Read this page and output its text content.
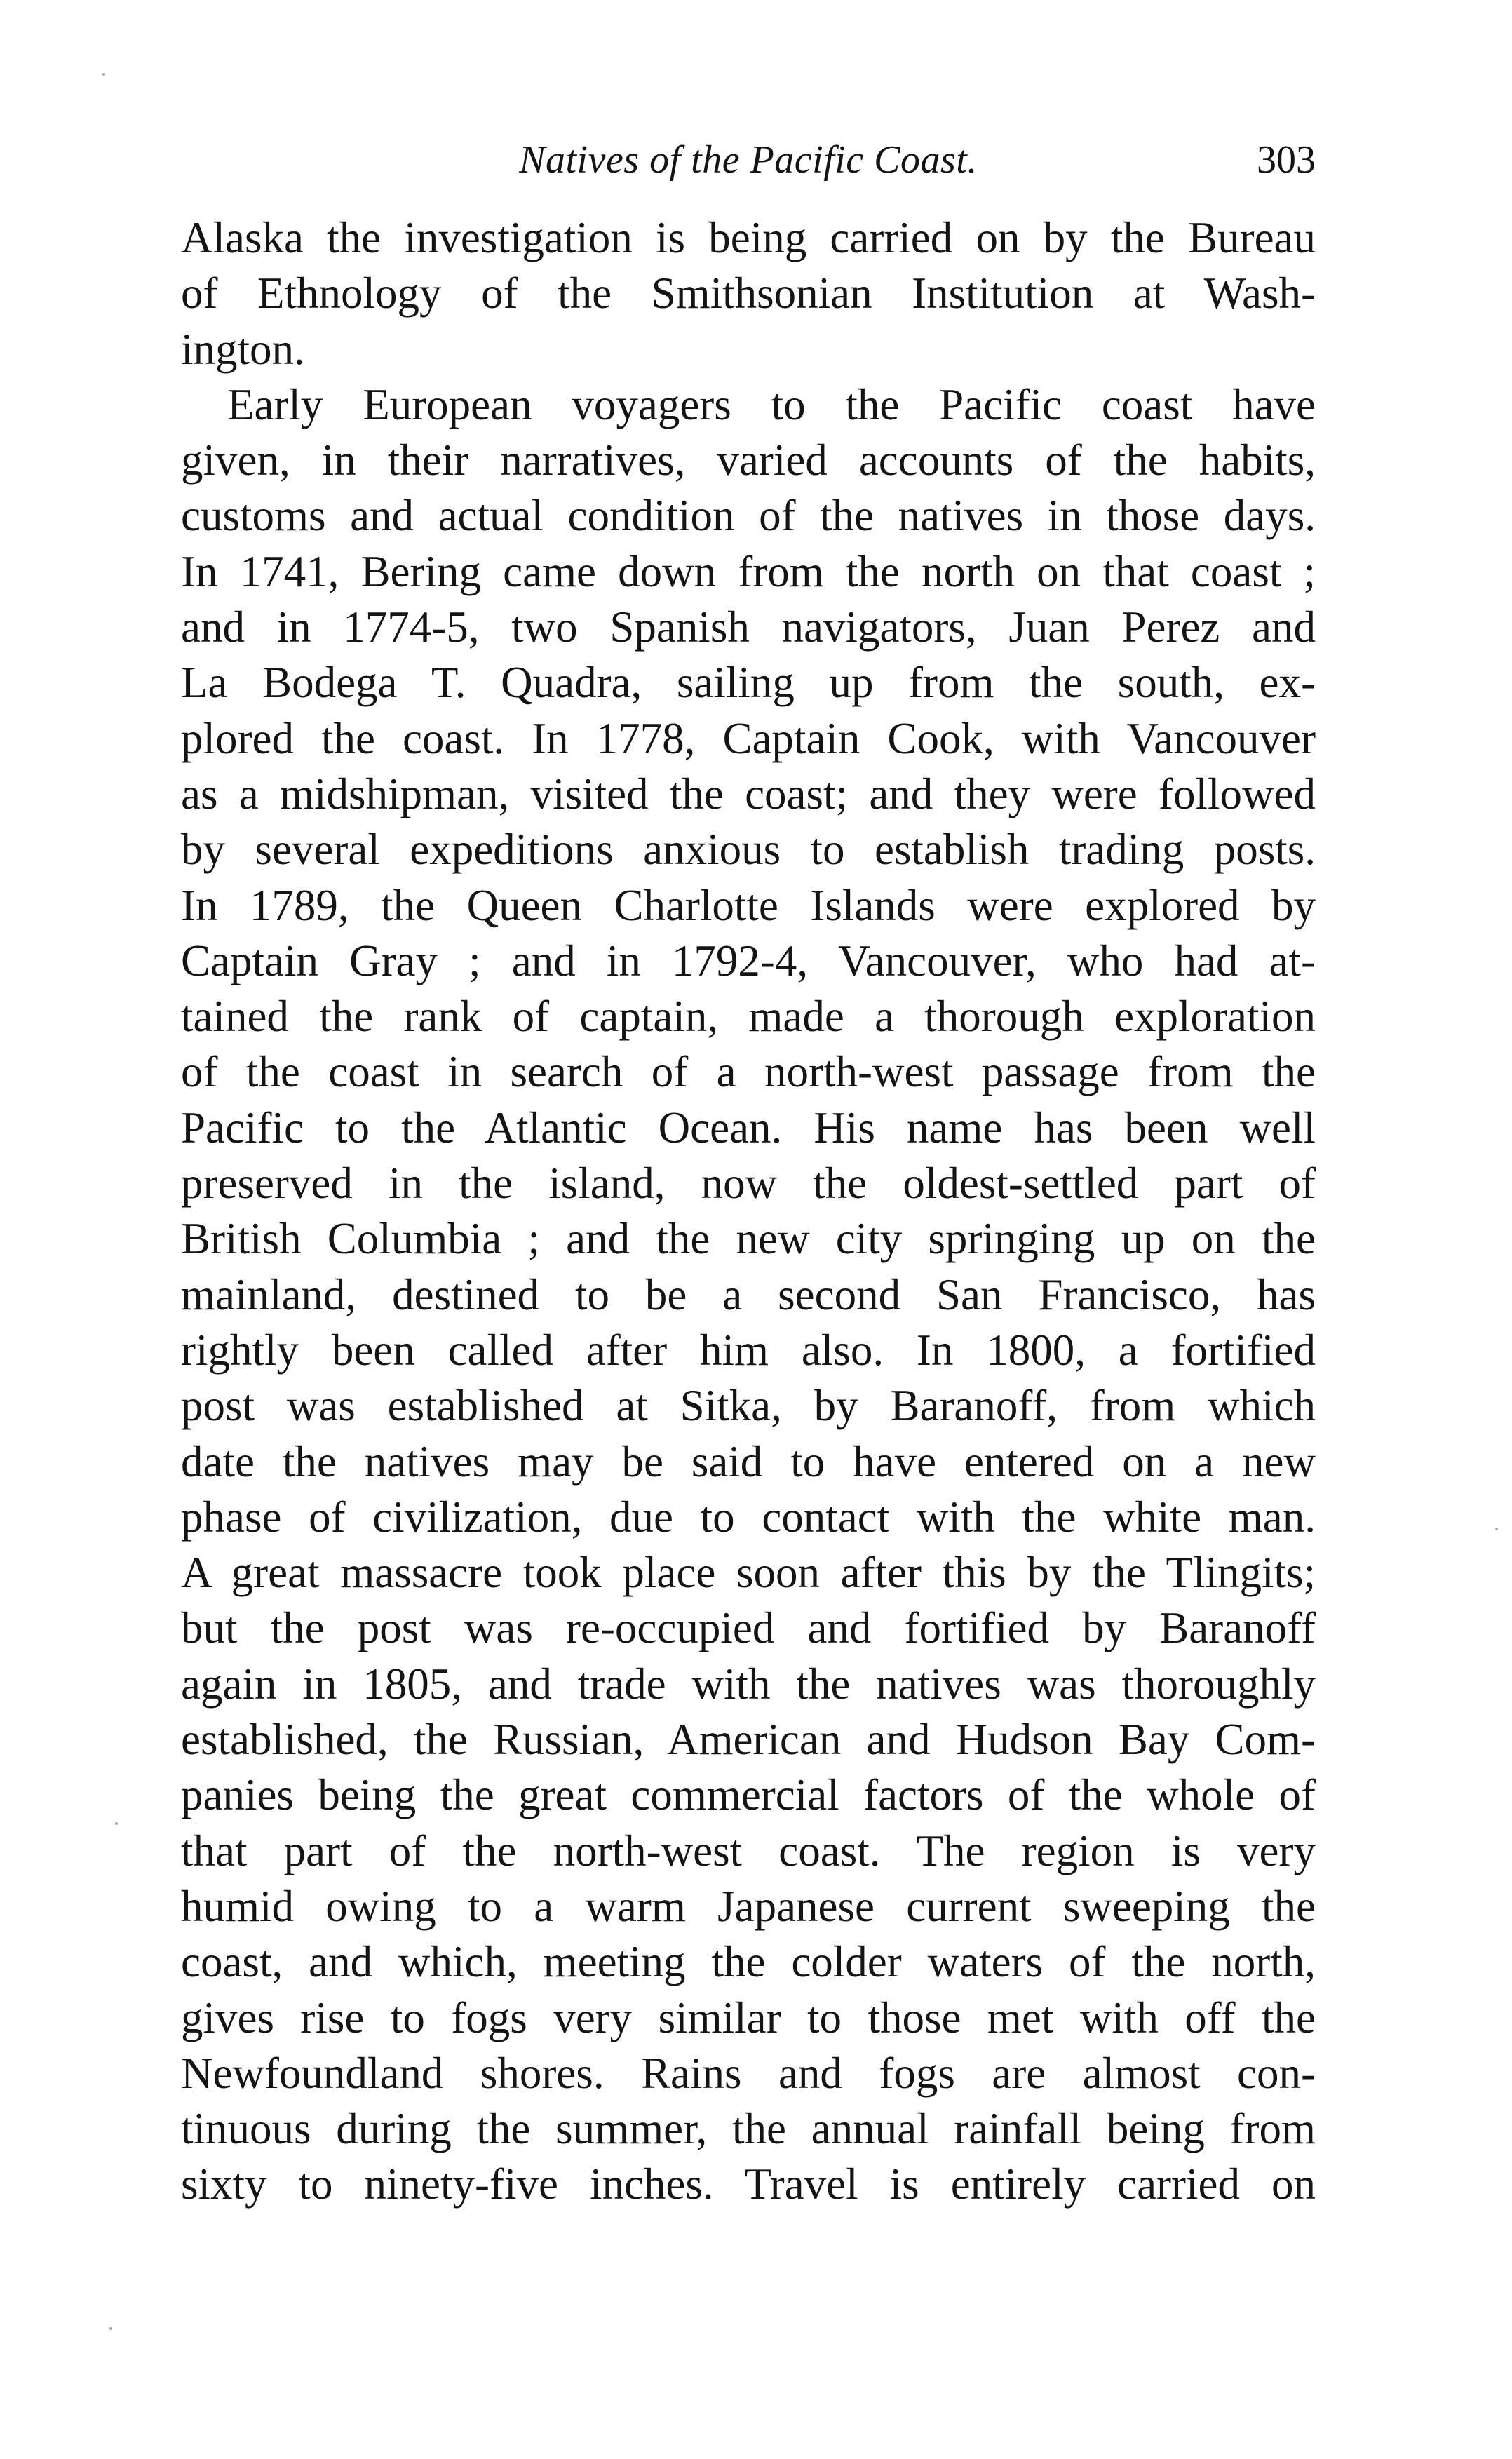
Natives of the Pacific Coast.	303
Alaska the investigation is being carried on by the Bureau
of Ethnology of the Smithsonian Institution at Wash-
ington.
Early European voyagers to the Pacific coast have
given, in their narratives, varied accounts of the habits,
customs and actual condition of the natives in those days.
In 1741, Bering came down from the north on that coast ;
and in 1774-5, two Spanish navigators, Juan Perez and
La Bodega T. Quadra, sailing up from the south, ex-
plored the coast. In 1778, Captain Cook, with Vancouver
as a midshipman, visited the coast; and they were followed
by several expeditions anxious to establish trading posts.
In 1789, the Queen Charlotte Islands were explored by
Captain Gray ; and in 1792-4, Vancouver, who had at-
tained the rank of captain, made a thorough exploration
of the coast in search of a north-west passage from the
Pacific to the Atlantic Ocean. His name has been well
preserved in the island, now the oldest-settled part of
British Columbia ; and the new city springing up on the
mainland, destined to be a second San Francisco, has
rightly been called after him also. In 1800, a fortified
post was established at Sitka, by Baranoff, from which
date the natives may be said to have entered on a new
phase of civilization, due to contact with the white man.
A great massacre took place soon after this by the Tlingits;
but the post was re-occupied and fortified by Baranoff
again in 1805, and trade with the natives was thoroughly
established, the Russian, American and Hudson Bay Com-
panies being the great commercial factors of the whole of
that part of the north-west coast. The region is very
humid owing to a warm Japanese current sweeping the
coast, and which, meeting the colder waters of the north,
gives rise to fogs very similar to those met with off the
Newfoundland shores. Rains and fogs are almost con-
tinuous during the summer, the annual rainfall being from
sixty to ninety-five inches. Travel is entirely carried on
